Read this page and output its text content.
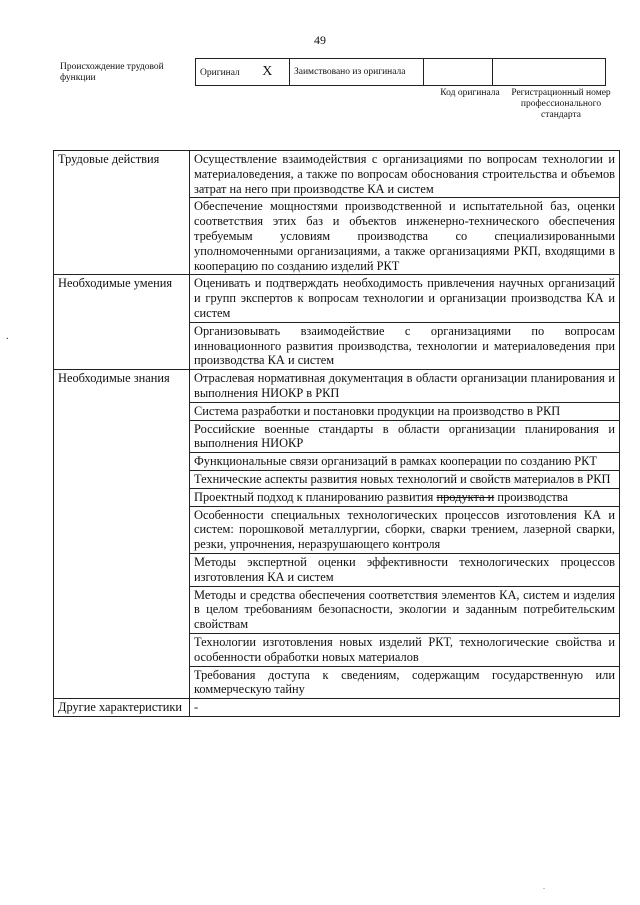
49
Происхождение трудовой функции	Оригинал X	Заимствовано из оригинала		
Код оригинала	Регистрационный номер профессионального стандарта
.
Трудовые действия	Осуществление взаимодействия с организациями по вопросам технологии и материаловедения, а также по вопросам обоснования строительства и объемов затрат на него при производстве КА и систем
	Обеспечение мощностями производственной и испытательной баз, оценки соответствия этих баз и объектов инженерно-технического обеспечения требуемым условиям производства со специализированными уполномоченными организациями, а также организациями РКП, входящими в кооперацию по созданию изделий РКТ
Необходимые умения	Оценивать и подтверждать необходимость привлечения научных организаций и групп экспертов к вопросам технологии и организации производства КА и систем
	Организовывать взаимодействие с организациями по вопросам инновационного развития производства, технологии и материаловедения при производства КА и систем
Необходимые знания	Отраслевая нормативная документация в области организации планирования и выполнения НИОКР в РКП
	Система разработки и постановки продукции на производство в РКП
	Российские военные стандарты в области организации планирования и выполнения НИОКР
	Функциональные связи организаций в рамках кооперации по созданию РКТ
	Технические аспекты развития новых технологий и свойств материалов в РКП
	Проектный подход к планированию развития продукта и производства
	Особенности специальных технологических процессов изготовления КА и систем: порошковой металлургии, сборки, сварки трением, лазерной сварки, резки, упрочнения, неразрушающего контроля
	Методы экспертной оценки эффективности технологических процессов изготовления КА и систем
	Методы и средства обеспечения соответствия элементов КА, систем и изделия в целом требованиям безопасности, экологии и заданным потребительским свойствам
	Технологии изготовления новых изделий РКТ, технологические свойства и особенности обработки новых материалов
	Требования доступа к сведениям, содержащим государственную или коммерческую тайну
Другие характеристики	-
.
